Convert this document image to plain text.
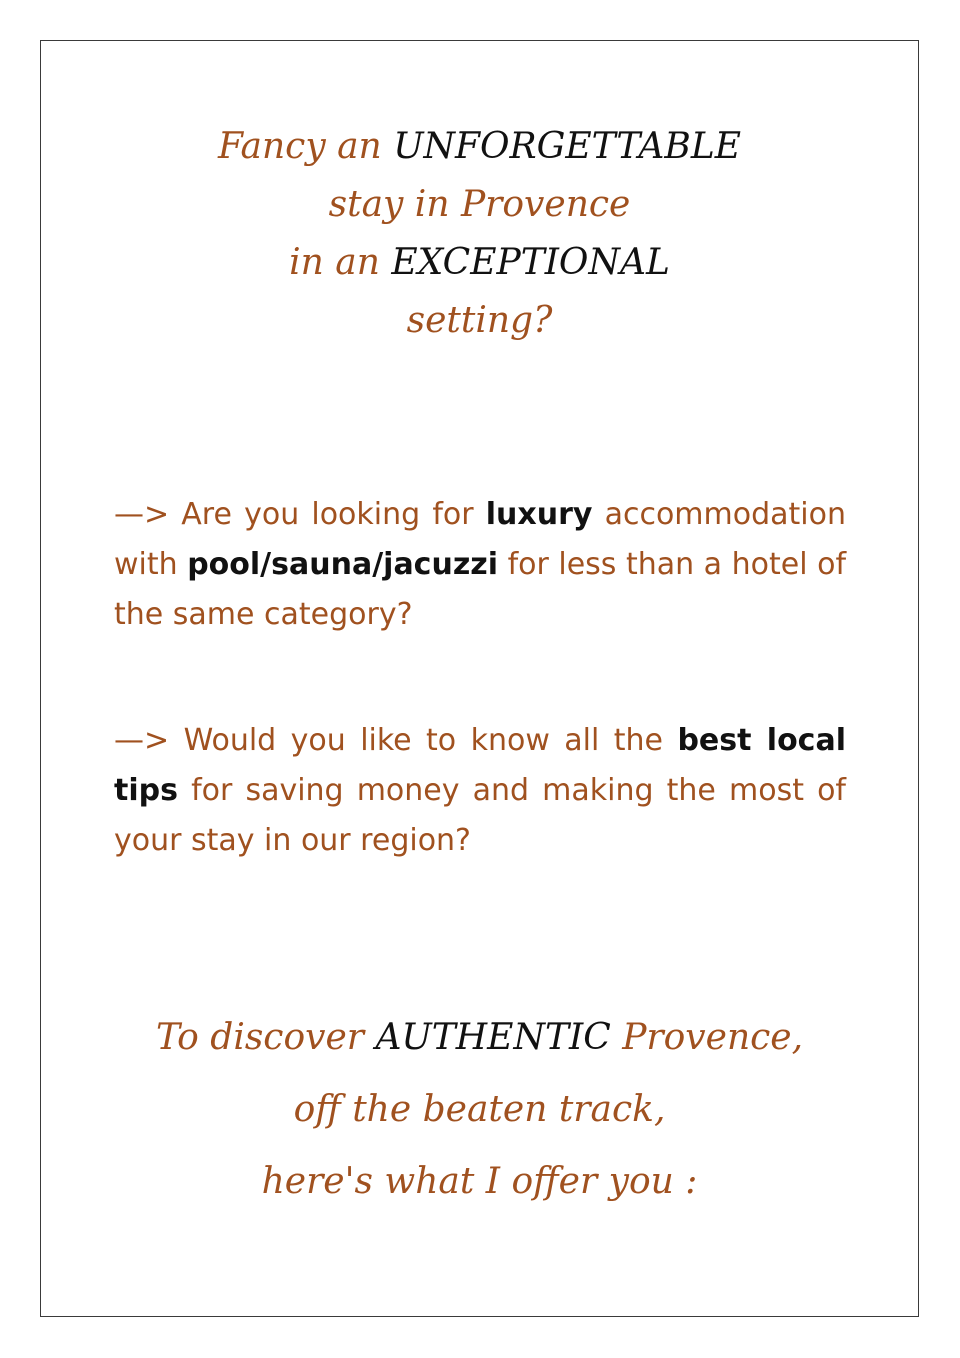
Fancy an UNFORGETTABLE
stay in Provence
in an EXCEPTIONAL
setting?
—> Are you looking for luxury accommodation with pool/sauna/jacuzzi for less than a hotel of the same category?
—> Would you like to know all the best local tips for saving money and making the most of your stay in our region?
To discover AUTHENTIC Provence,
off the beaten track,
here's what I offer you :
